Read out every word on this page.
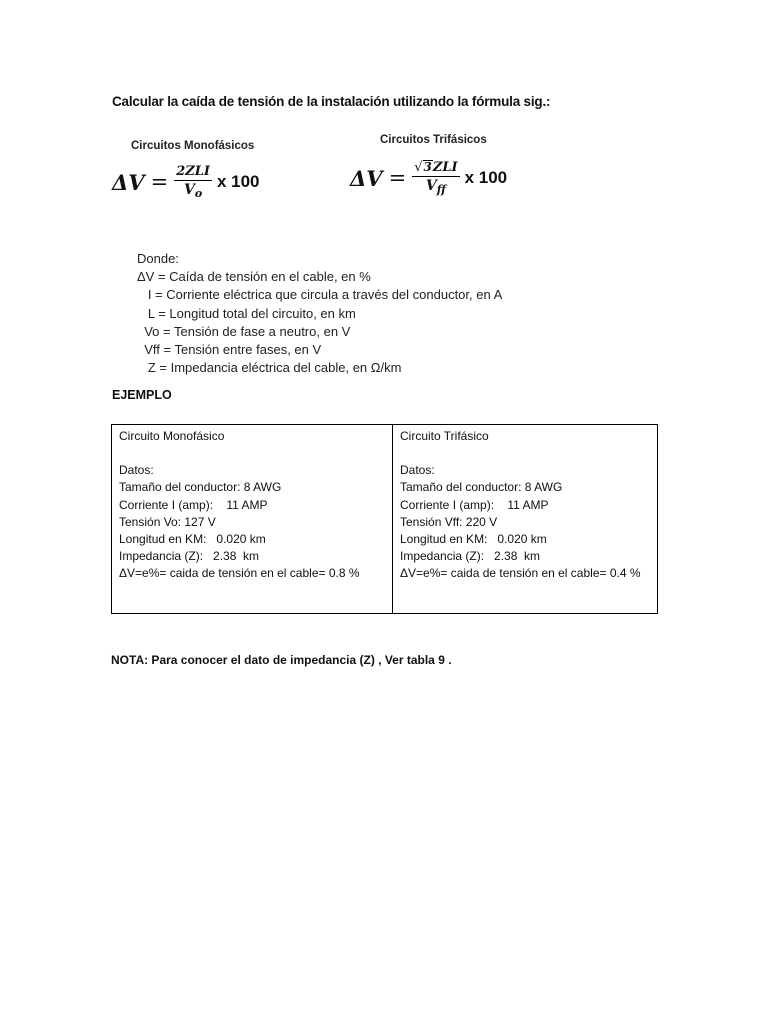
Calcular la caída de tensión de la instalación utilizando la fórmula sig.:
Circuitos Monofásicos	Circuitos Trifásicos
$\Delta V = \frac{\text{2ZLI}}{V_o}$ x 100	$\Delta V = \frac{\text{√ 3 ZLI}}{V_{ff}}$ x 100
Donde:
ΔV = Caída de tensión en el cable, en %
I = Corriente eléctrica que circula a través del conductor, en A
L = Longitud total del circuito, en km
Vo = Tensión de fase a neutro, en V
Vff = Tensión entre fases, en V
Z = Impedancia eléctrica del cable, en Ω/km
EJEMPLO
Circuito Monofásico
Datos:
Tamaño del conductor: 8 AWG
Corriente I (amp):    11 AMP
Tensión Vo: 127 V
Longitud en KM:   0.020 km
Impedancia (Z):   2.38  km
ΔV=e%= caida de tensión en el cable= 0.8 %
Circuito Trifásico
Datos:
Tamaño del conductor: 8 AWG
Corriente I (amp):    11 AMP
Tensión Vff: 220 V
Longitud en KM:   0.020 km
Impedancia (Z):   2.38  km
ΔV=e%= caida de tensión en el cable= 0.4 %
NOTA: Para conocer el dato de impedancia (Z) , Ver tabla 9 .
